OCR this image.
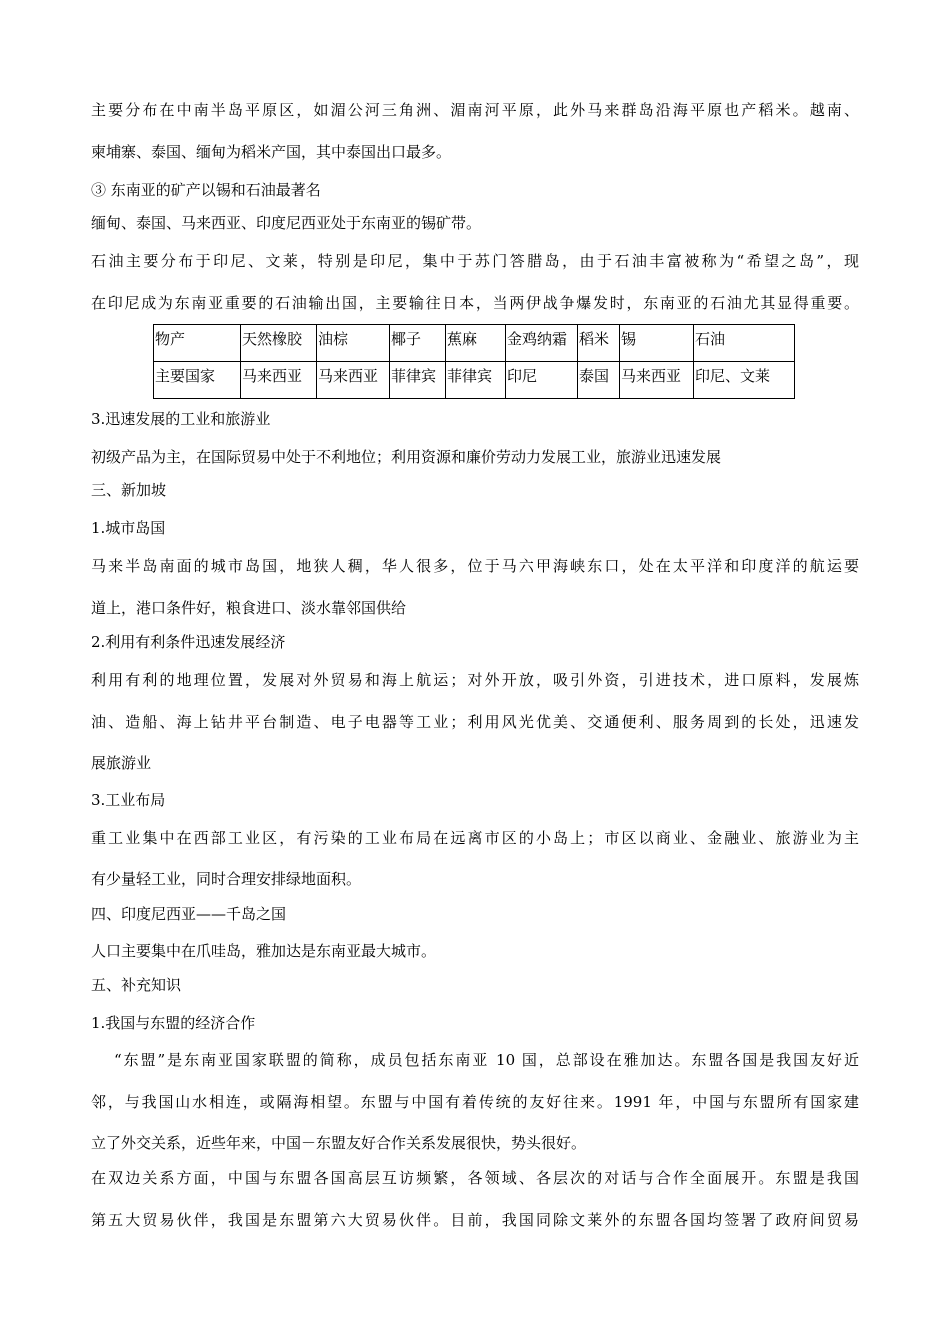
主要分布在中南半岛平原区，如湄公河三角洲、湄南河平原，此外马来群岛沿海平原也产稻米。越南、
柬埔寨、泰国、缅甸为稻米产国，其中泰国出口最多。
③ 东南亚的矿产以锡和石油最著名
缅甸、泰国、马来西亚、印度尼西亚处于东南亚的锡矿带。
石油主要分布于印尼、文莱，特别是印尼，集中于苏门答腊岛，由于石油丰富被称为“希望之岛”，现
在印尼成为东南亚重要的石油输出国，主要输往日本，当两伊战争爆发时，东南亚的石油尤其显得重要。
物产	天然橡胶	油棕	椰子	蕉麻	金鸡纳霜	稻米	锡	石油
主要国家	马来西亚	马来西亚	菲律宾	菲律宾	印尼	泰国	马来西亚	印尼、文莱
3.迅速发展的工业和旅游业
初级产品为主，在国际贸易中处于不利地位；利用资源和廉价劳动力发展工业，旅游业迅速发展
三、新加坡
1.城市岛国
马来半岛南面的城市岛国，地狭人稠，华人很多，位于马六甲海峡东口，处在太平洋和印度洋的航运要
道上，港口条件好，粮食进口、淡水靠邻国供给
2.利用有利条件迅速发展经济
利用有利的地理位置，发展对外贸易和海上航运；对外开放，吸引外资，引进技术，进口原料，发展炼
油、造船、海上钻井平台制造、电子电器等工业；利用风光优美、交通便利、服务周到的长处，迅速发
展旅游业
3.工业布局
重工业集中在西部工业区，有污染的工业布局在远离市区的小岛上；市区以商业、金融业、旅游业为主
有少量轻工业，同时合理安排绿地面积。
四、印度尼西亚——千岛之国
人口主要集中在爪哇岛，雅加达是东南亚最大城市。
五、补充知识
1.我国与东盟的经济合作
“东盟”是东南亚国家联盟的简称，成员包括东南亚 10 国，总部设在雅加达。东盟各国是我国友好近
邻，与我国山水相连，或隔海相望。东盟与中国有着传统的友好往来。1991 年，中国与东盟所有国家建
立了外交关系，近些年来，中国－东盟友好合作关系发展很快，势头很好。
在双边关系方面，中国与东盟各国高层互访频繁，各领域、各层次的对话与合作全面展开。东盟是我国
第五大贸易伙伴，我国是东盟第六大贸易伙伴。目前，我国同除文莱外的东盟各国均签署了政府间贸易
